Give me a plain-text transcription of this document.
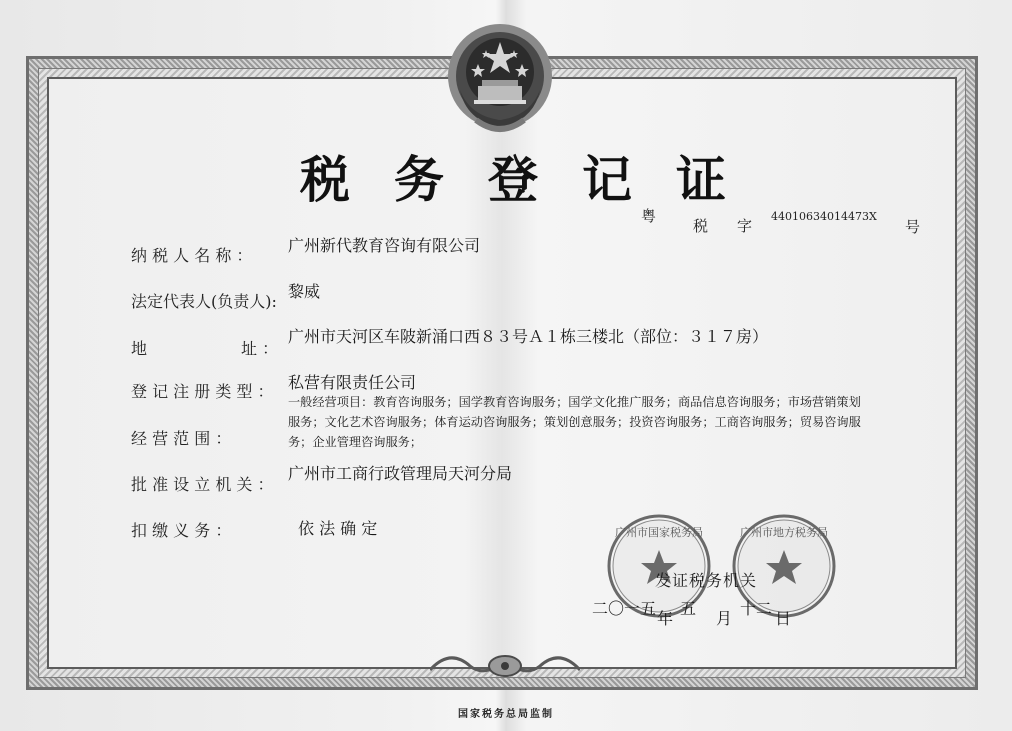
税务登记证
粤
税 字
44010634014473X
号
纳 税 人 名 称 ：
广州新代教育咨询有限公司
法定代表人(负责人):
黎威
地	址 ：
广州市天河区车陂新涌口西８３号Ａ１栋三楼北（部位：３１７房）
登 记 注 册 类 型 ： 私营有限责任公司
经 营 范 围 ：
一般经营项目：教育咨询服务；国学教育咨询服务；国学文化推广服务；商品信息咨询服务；市场营销策划
服务；文化艺术咨询服务；体育运动咨询服务；策划创意服务；投资咨询服务；工商咨询服务；贸易咨询服
务；企业管理咨询服务；
批 准 设 立 机 关 ：
广州市工商行政管理局天河分局
扣 缴 义 务 ：	依 法 确 定	广州市国家税务局	广州市地方税务局
发证税务机关
二〇一五
年
五
月
十二
日
国家税务总局监制
